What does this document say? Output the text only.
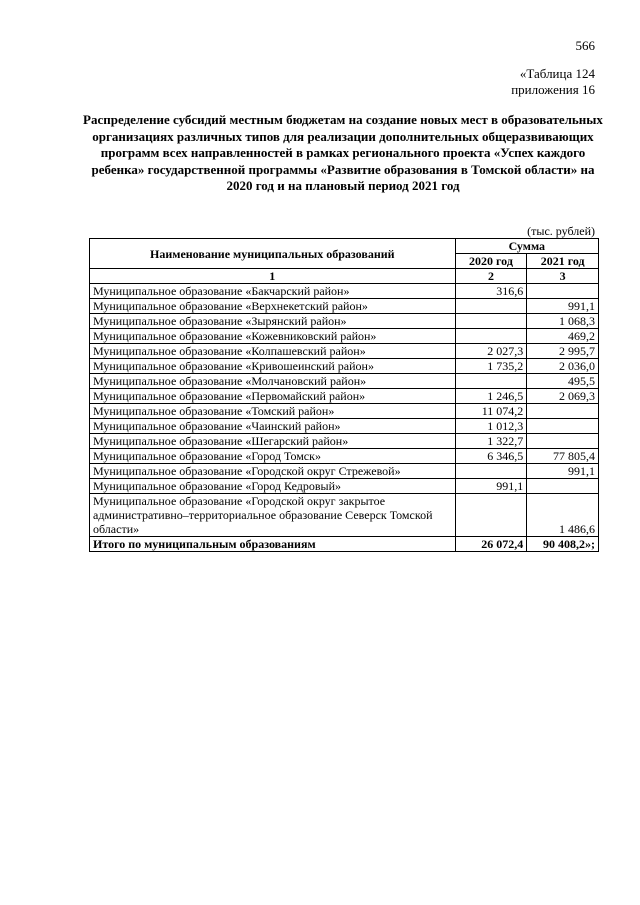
566
«Таблица 124
приложения 16
Распределение субсидий местным бюджетам на создание новых мест в образовательных организациях различных типов для реализации дополнительных общеразвивающих программ всех направленностей в рамках регионального проекта «Успех каждого ребенка» государственной программы «Развитие образования в Томской области» на 2020 год и на плановый период 2021 год
(тыс. рублей)
Наименование муниципальных образований	Сумма	
	2020 год	2021 год
1	2	3
Муниципальное образование «Бакчарский район»	316,6	
Муниципальное образование «Верхнекетский район»		991,1
Муниципальное образование «Зырянский район»		1 068,3
Муниципальное образование «Кожевниковский район»		469,2
Муниципальное образование «Колпашевский район»	2 027,3	2 995,7
Муниципальное образование «Кривошеинский район»	1 735,2	2 036,0
Муниципальное образование «Молчановский район»		495,5
Муниципальное образование «Первомайский район»	1 246,5	2 069,3
Муниципальное образование «Томский район»	11 074,2	
Муниципальное образование «Чаинский район»	1 012,3	
Муниципальное образование «Шегарский район»	1 322,7	
Муниципальное образование «Город Томск»	6 346,5	77 805,4
Муниципальное образование «Городской округ Стрежевой»		991,1
Муниципальное образование «Город Кедровый»	991,1	
Муниципальное образование «Городской округ закрытое административно–территориальное образование Северск Томской области»		1 486,6
Итого по муниципальным образованиям	26 072,4	90 408,2»;
